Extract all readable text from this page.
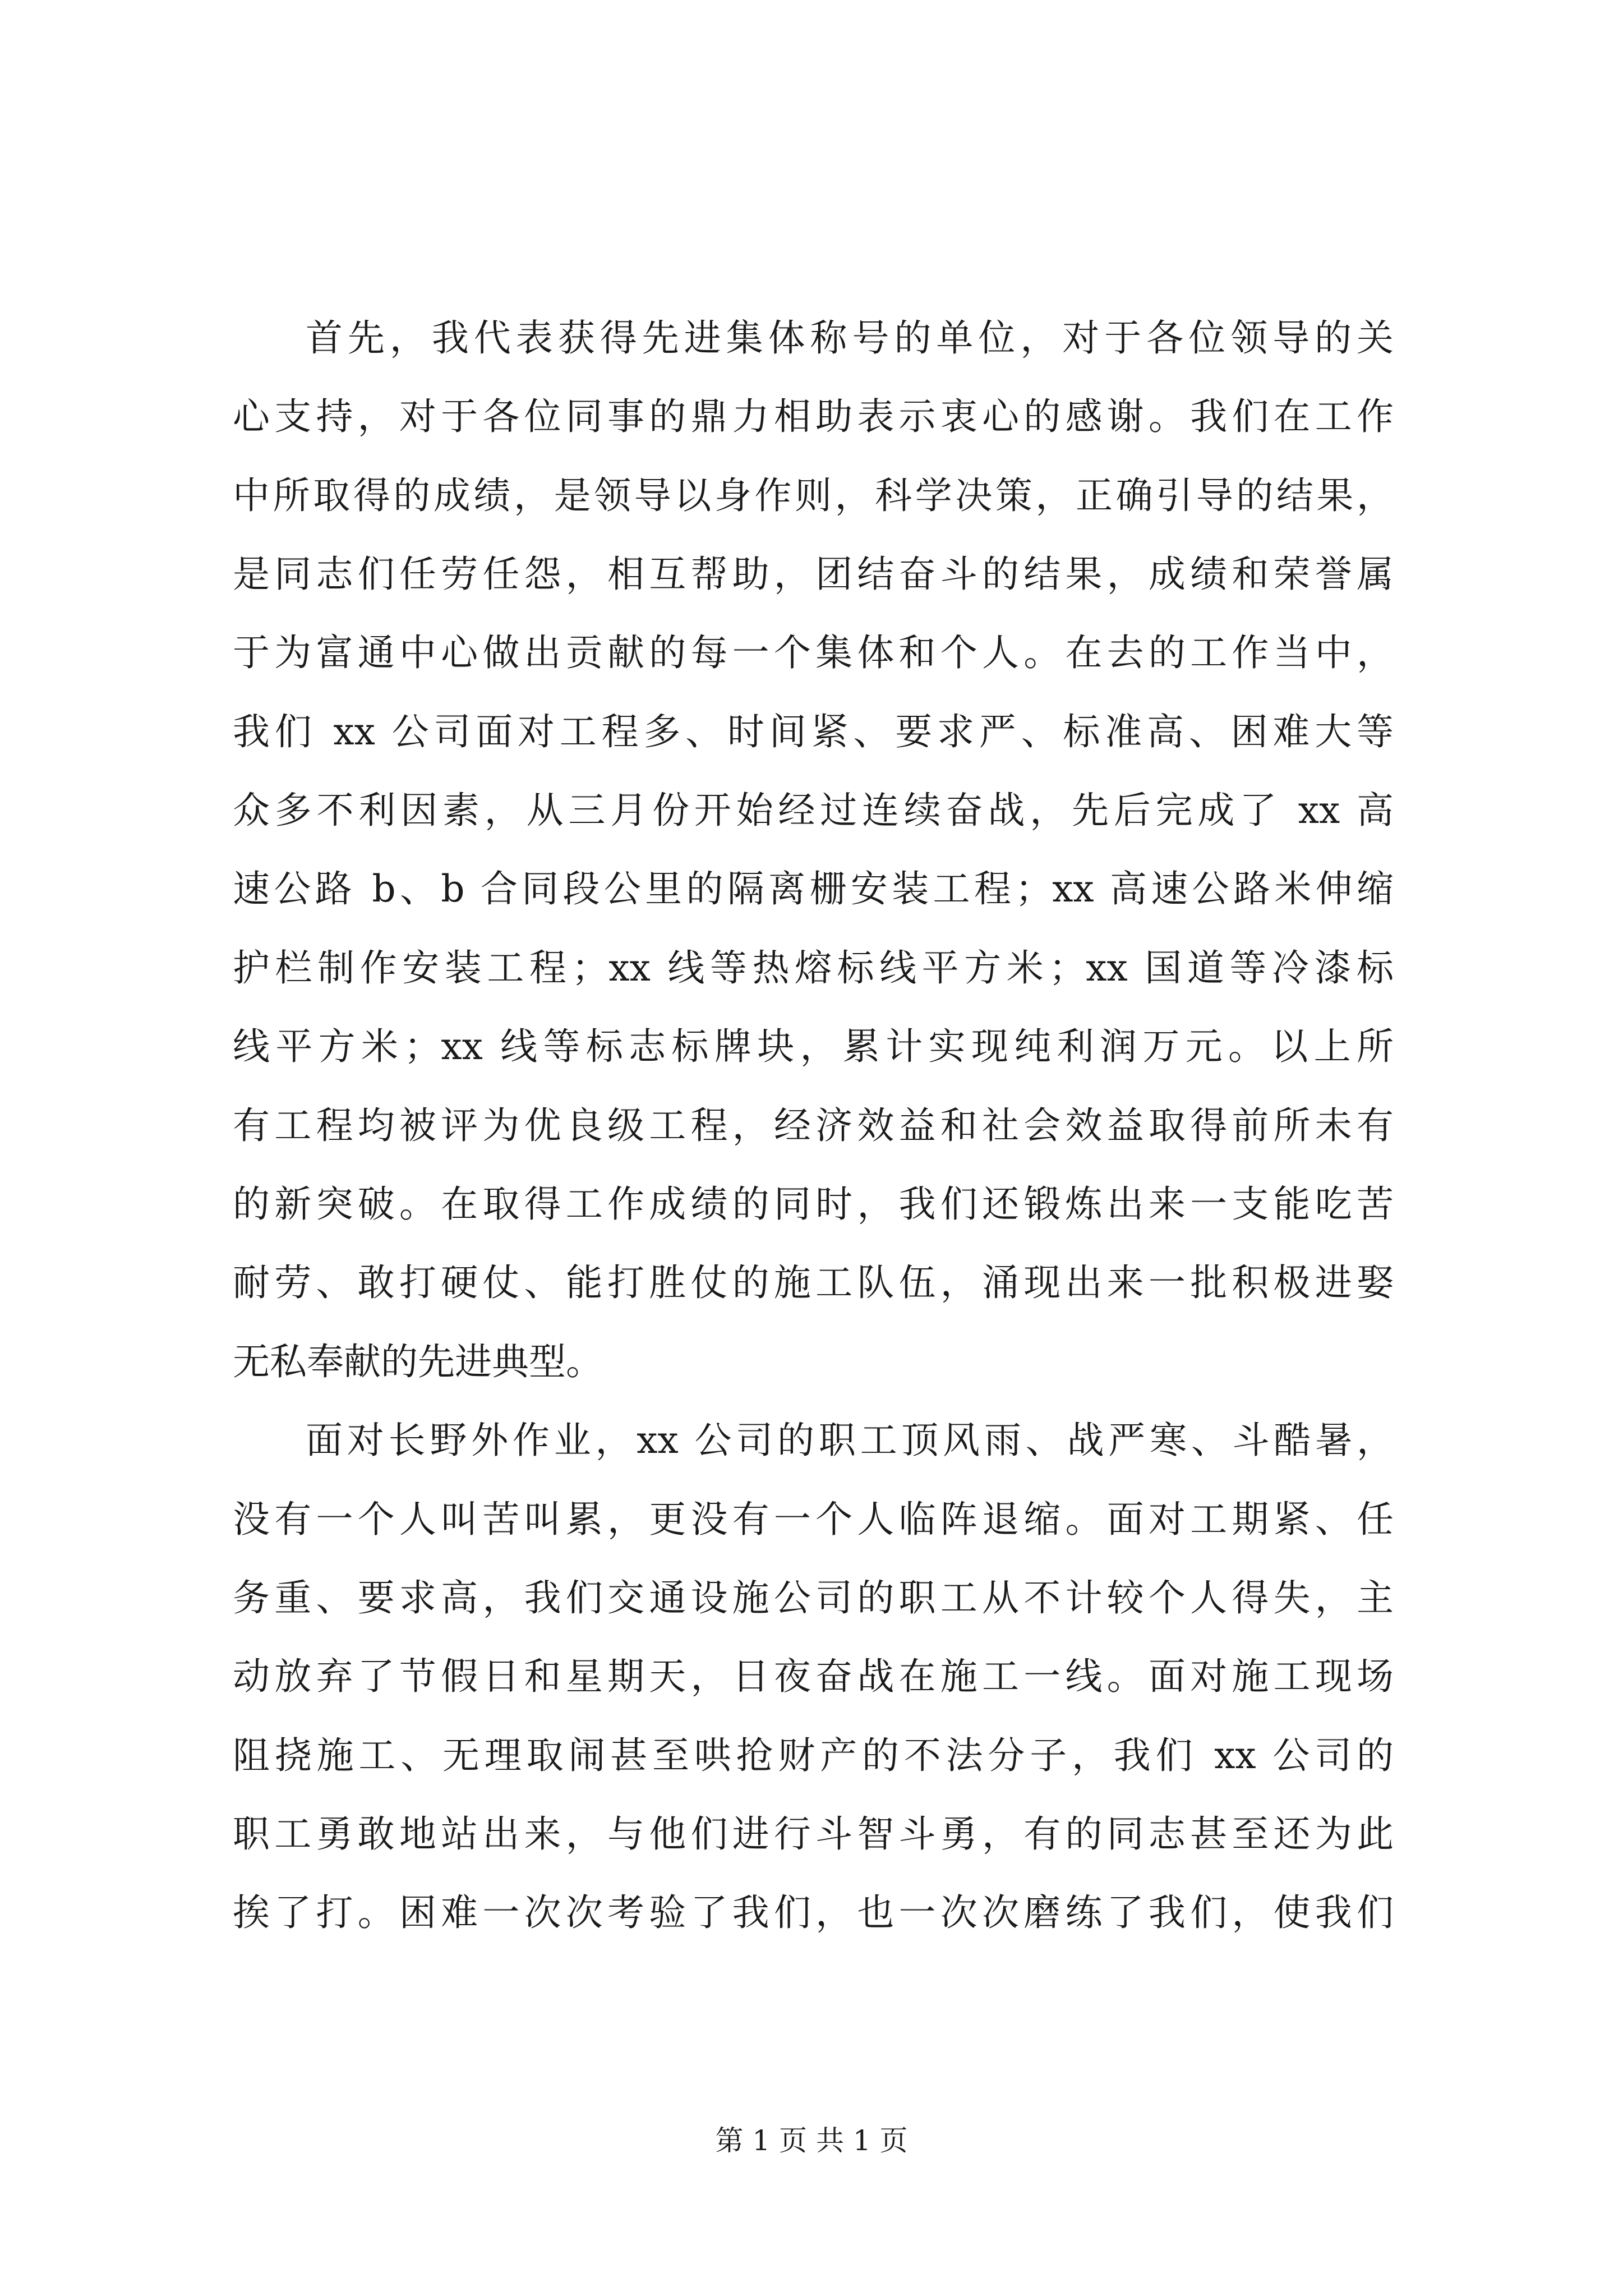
首先，我代表获得先进集体称号的单位，对于各位领导的关

心支持，对于各位同事的鼎力相助表示衷心的感谢。我们在工作

中所取得的成绩，是领导以身作则，科学决策，正确引导的结果，

是同志们任劳任怨，相互帮助，团结奋斗的结果，成绩和荣誉属

于为富通中心做出贡献的每一个集体和个人。在去的工作当中，

我们 xx 公司面对工程多、时间紧、要求严、标准高、困难大等

众多不利因素，从三月份开始经过连续奋战，先后完成了 xx 高

速公路 b、b 合同段公里的隔离栅安装工程；xx 高速公路米伸缩

护栏制作安装工程；xx 线等热熔标线平方米；xx 国道等冷漆标

线平方米；xx 线等标志标牌块，累计实现纯利润万元。以上所

有工程均被评为优良级工程，经济效益和社会效益取得前所未有

的新突破。在取得工作成绩的同时，我们还锻炼出来一支能吃苦

耐劳、敢打硬仗、能打胜仗的施工队伍，涌现出来一批积极进娶

无私奉献的先进典型。

面对长野外作业，xx 公司的职工顶风雨、战严寒、斗酷暑，

没有一个人叫苦叫累，更没有一个人临阵退缩。面对工期紧、任

务重、要求高，我们交通设施公司的职工从不计较个人得失，主

动放弃了节假日和星期天，日夜奋战在施工一线。面对施工现场

阻挠施工、无理取闹甚至哄抢财产的不法分子，我们 xx 公司的

职工勇敢地站出来，与他们进行斗智斗勇，有的同志甚至还为此

挨了打。困难一次次考验了我们，也一次次磨练了我们，使我们

第 1 页 共 1 页
